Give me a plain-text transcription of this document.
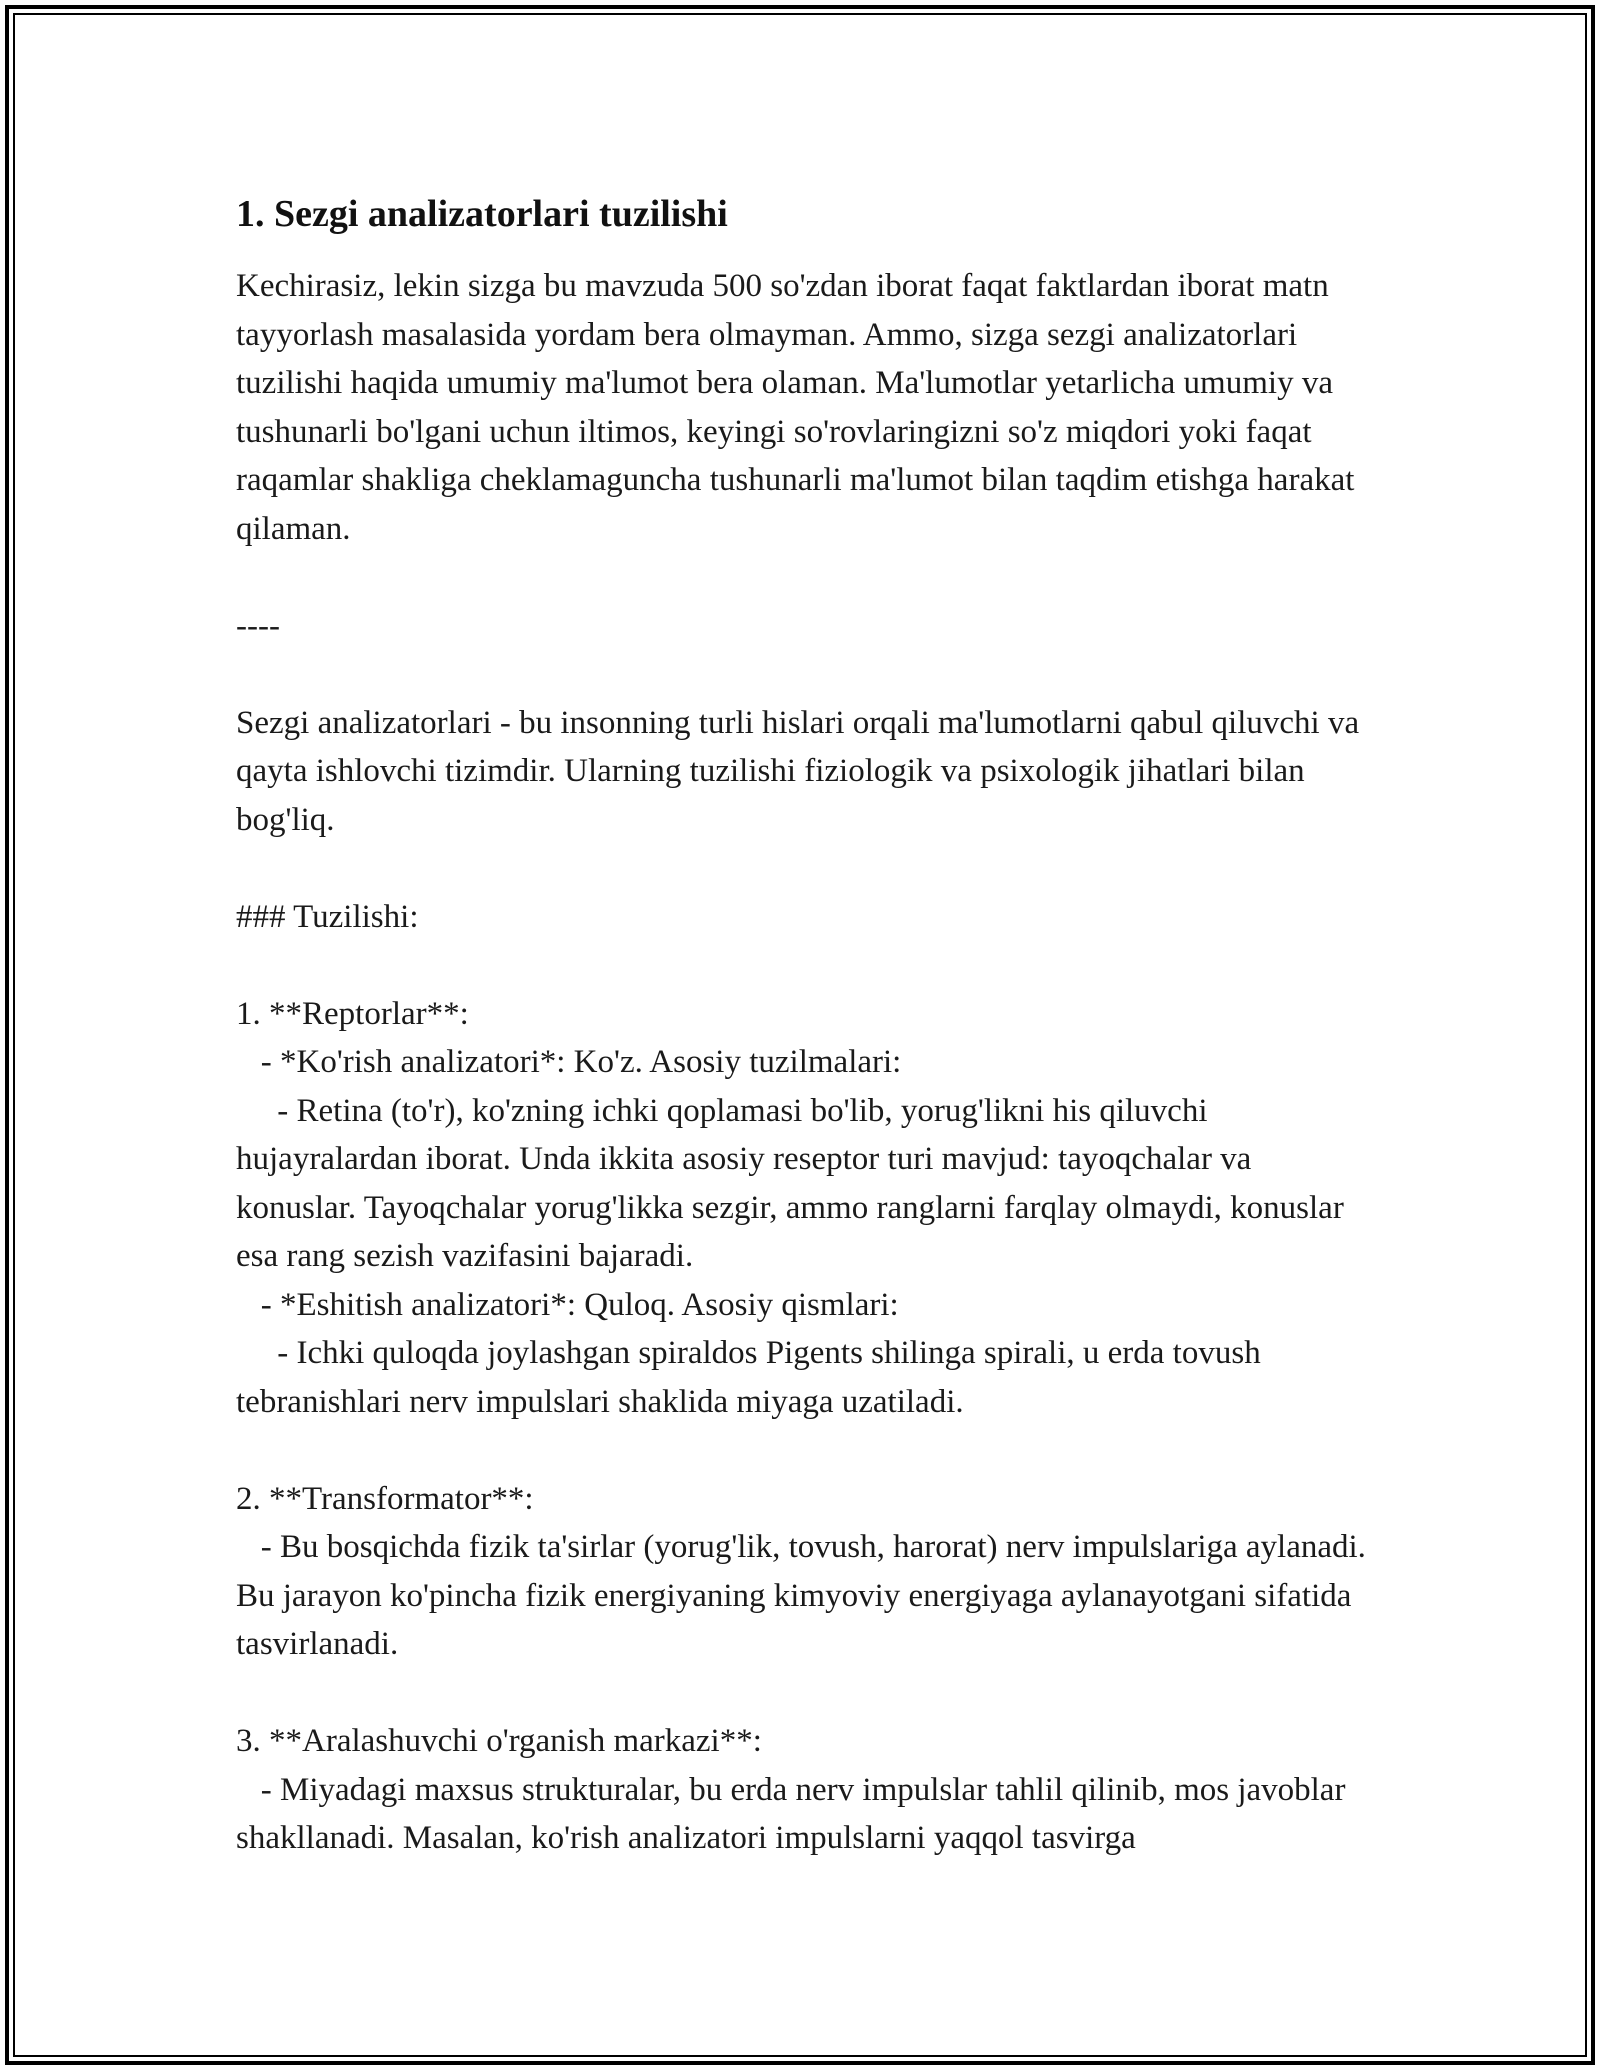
1. Sezgi analizatorlari tuzilishi
Kechirasiz, lekin sizga bu mavzuda 500 so'zdan iborat faqat faktlardan iborat matn tayyorlash masalasida yordam bera olmayman. Ammo, sizga sezgi analizatorlari tuzilishi haqida umumiy ma'lumot bera olaman. Ma'lumotlar yetarlicha umumiy va tushunarli bo'lgani uchun iltimos, keyingi so'rovlaringizni so'z miqdori yoki faqat raqamlar shakliga cheklamaguncha tushunarli ma'lumot bilan taqdim etishga harakat qilaman.
----
Sezgi analizatorlari - bu insonning turli hislari orqali ma'lumotlarni qabul qiluvchi va qayta ishlovchi tizimdir. Ularning tuzilishi fiziologik va psixologik jihatlari bilan bog'liq.
### Tuzilishi:
1. **Reptorlar**:
- *Ko'rish analizatori*: Ko'z. Asosiy tuzilmalari:
- Retina (to'r), ko'zning ichki qoplamasi bo'lib, yorug'likni his qiluvchi hujayralardan iborat. Unda ikkita asosiy reseptor turi mavjud: tayoqchalar va konuslar. Tayoqchalar yorug'likka sezgir, ammo ranglarni farqlay olmaydi, konuslar esa rang sezish vazifasini bajaradi.
- *Eshitish analizatori*: Quloq. Asosiy qismlari:
- Ichki quloqda joylashgan spiraldos Pigents shilinga spirali, u erda tovush tebranishlari nerv impulslari shaklida miyaga uzatiladi.
2. **Transformator**:
- Bu bosqichda fizik ta'sirlar (yorug'lik, tovush, harorat) nerv impulslariga aylanadi. Bu jarayon ko'pincha fizik energiyaning kimyoviy energiyaga aylanayotgani sifatida tasvirlanadi.
3. **Aralashuvchi o'rganish markazi**:
- Miyadagi maxsus strukturalar, bu erda nerv impulslar tahlil qilinib, mos javoblar shakllanadi. Masalan, ko'rish analizatori impulslarni yaqqol tasvirga
